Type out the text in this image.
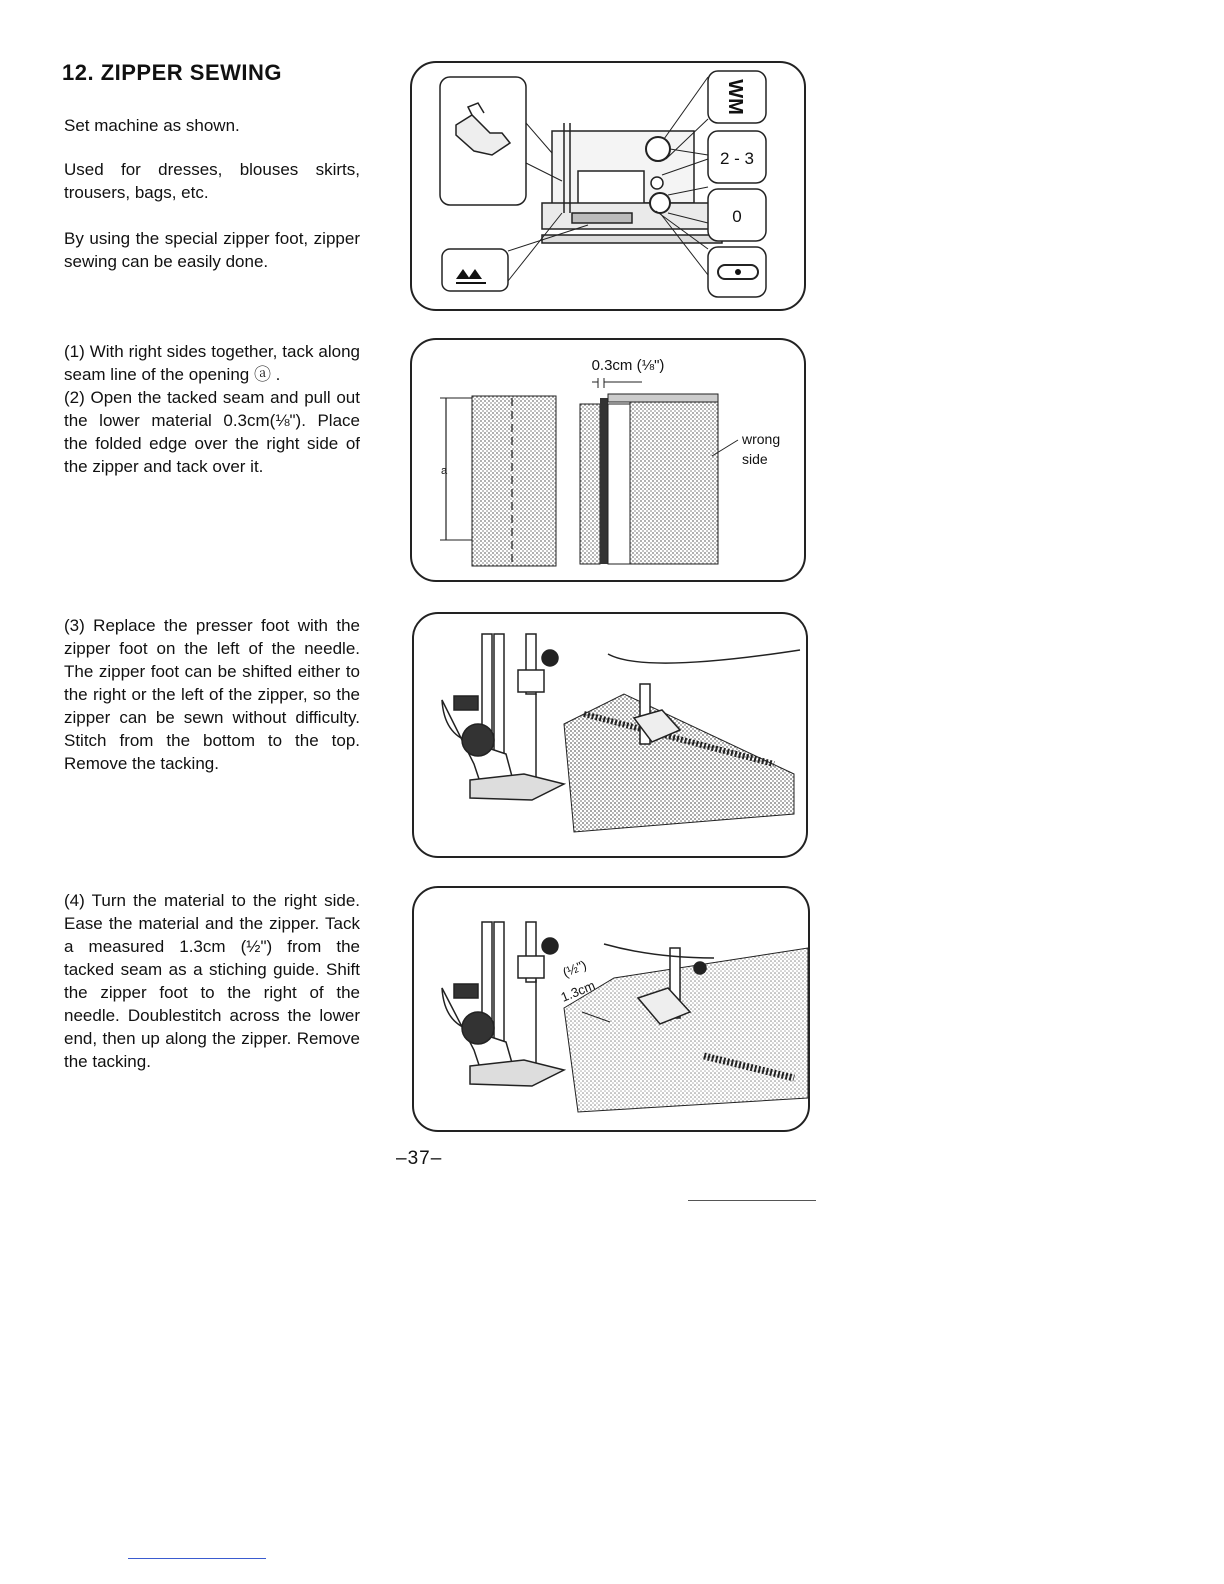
12. ZIPPER SEWING

Set machine as shown.

Used for dresses, blouses skirts, trousers, bags, etc.

By using the special zipper foot, zipper sewing can be easily done.

(1) With right sides together, tack along seam line of the opening ⓐ .

(2) Open the tacked seam and pull out the lower material 0.3cm(⅛"). Place the folded edge over the right side of the zipper and tack over it.

(3) Replace the presser foot with the zipper foot on the left of the needle. The zipper foot can be shifted either to the right or the left of the zipper, so the zipper can be sewn without difficulty. Stitch from the bottom to the top. Remove the tacking.

(4) Turn the material to the right side. Ease the material and the zipper. Tack a measured 1.3cm (½") from the tacked seam as a stiching guide. Shift the zipper foot to the right of the needle. Doublestitch across the lower end, then up along the zipper. Remove the tacking.

WM
2 - 3
0
0.3cm (⅛")
a
wrong
side
(½")
1.3cm

–37–
